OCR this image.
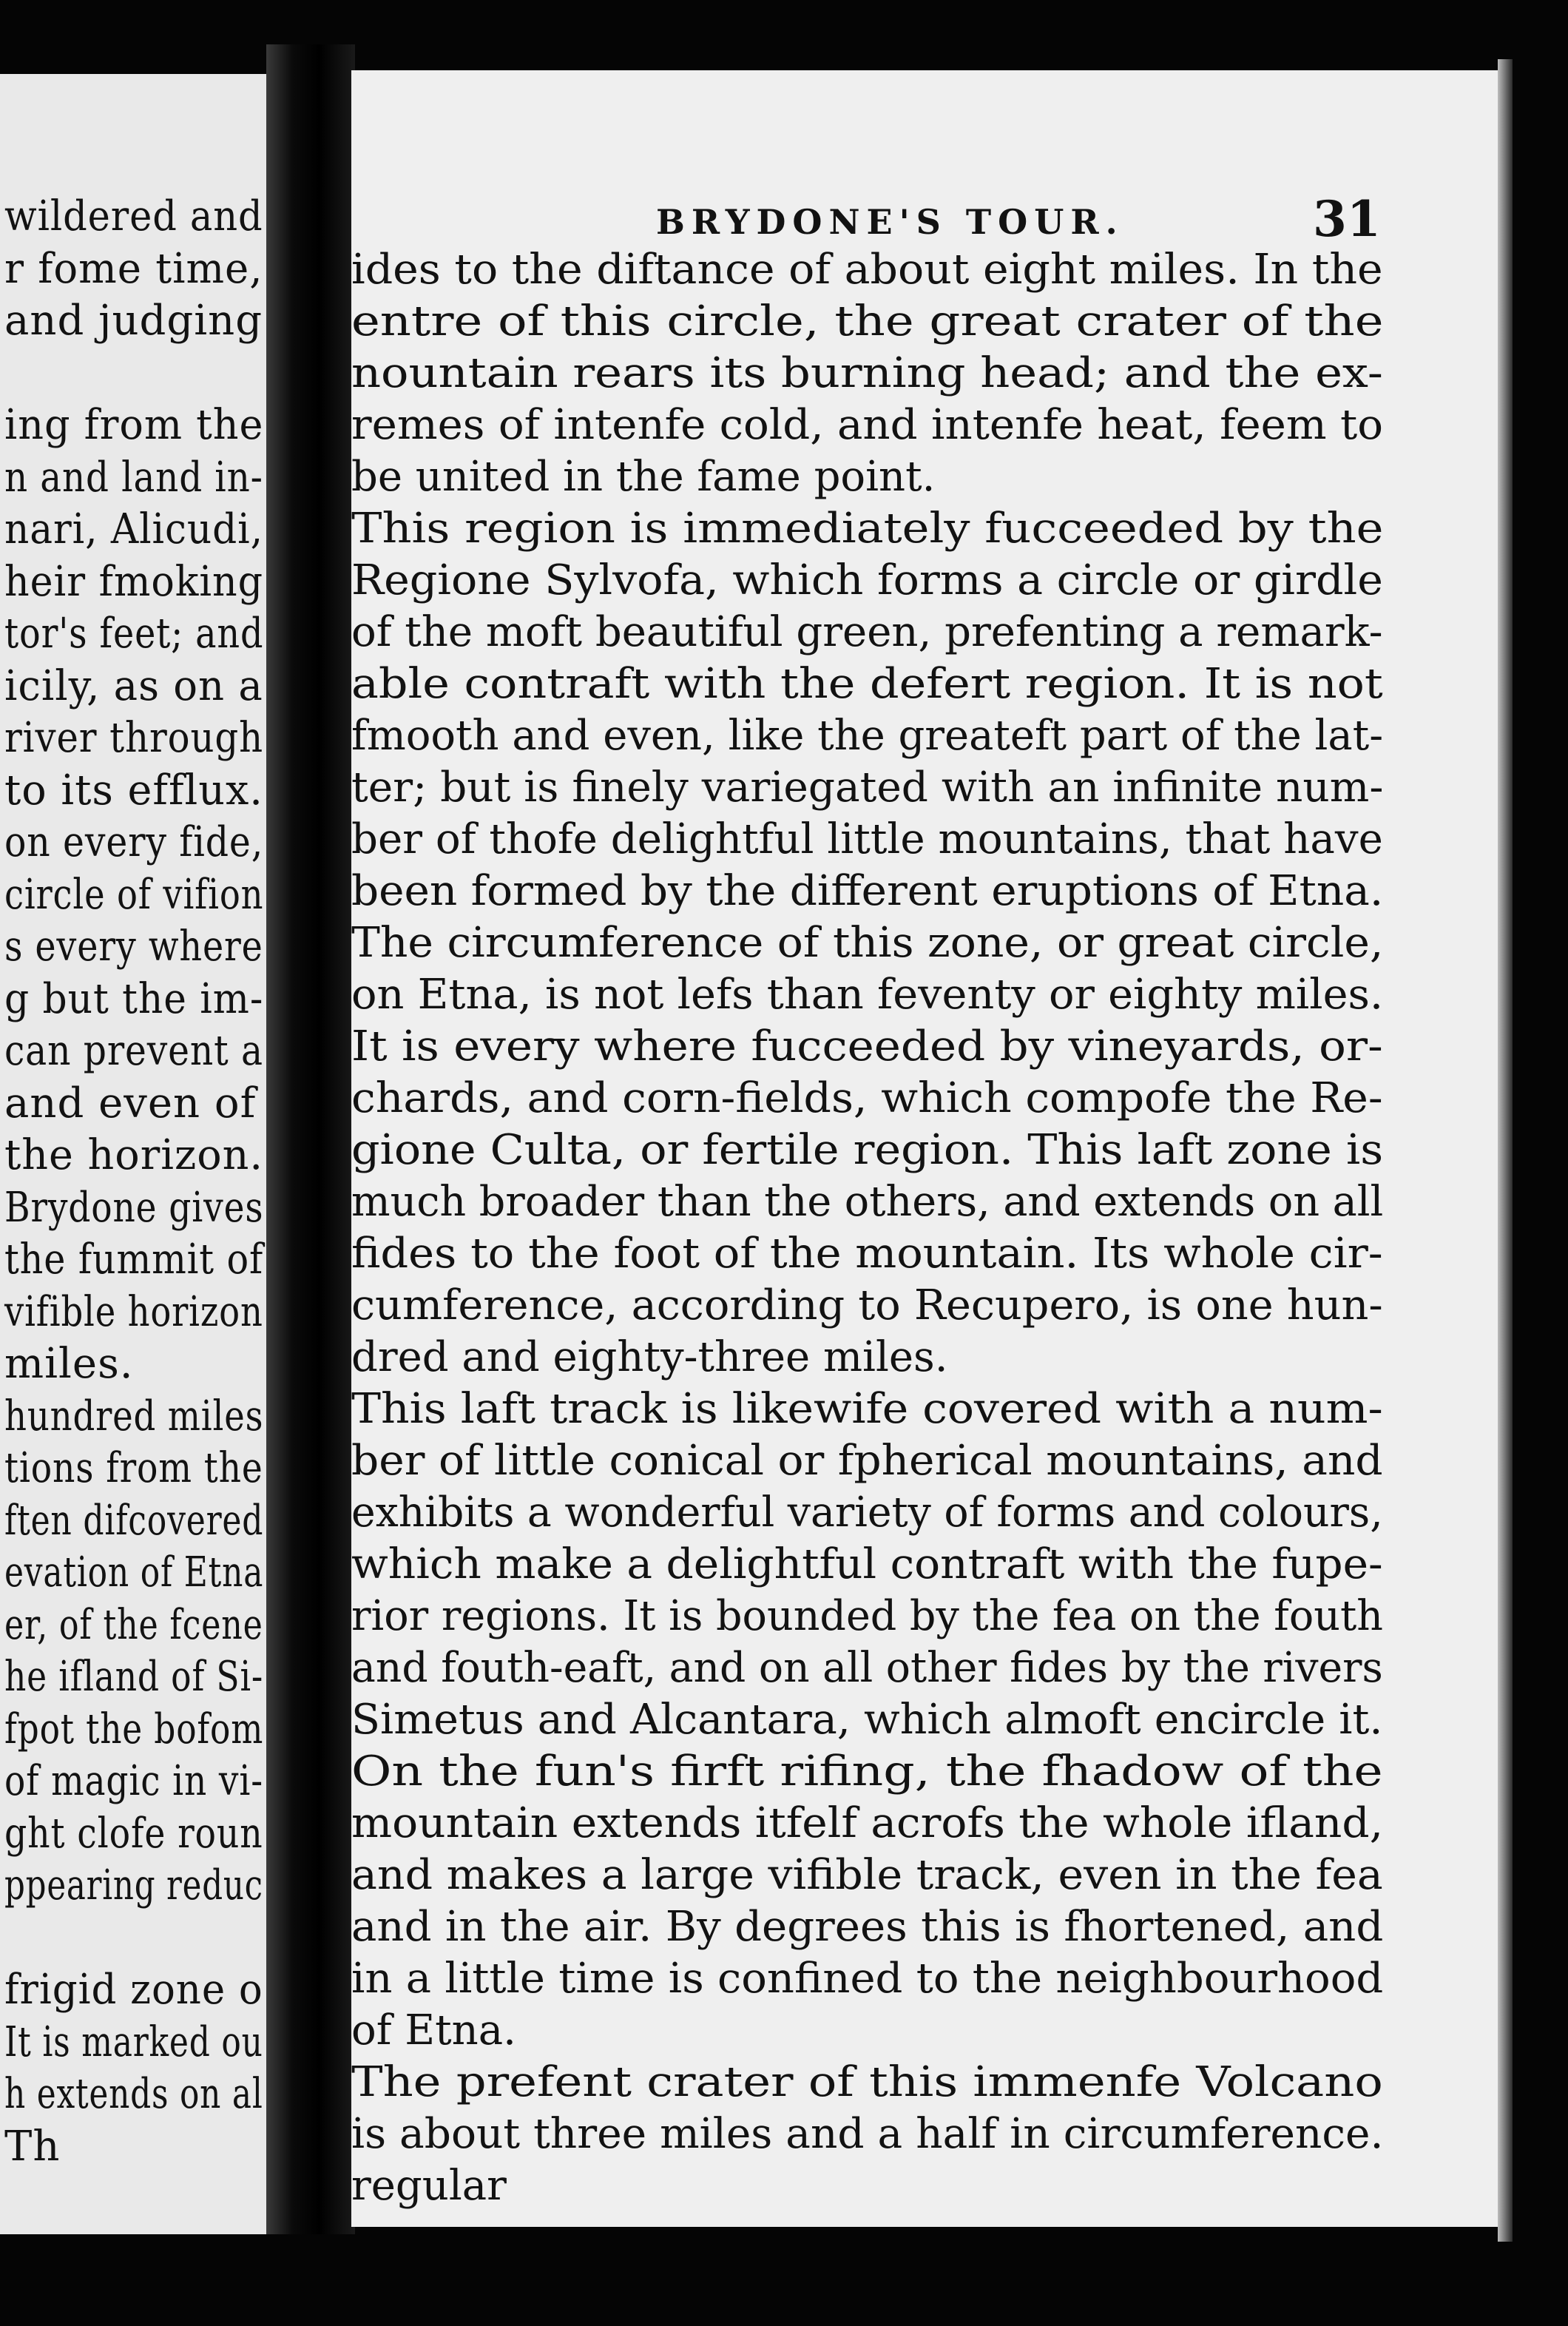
wildered and
r fome time,
and judging
ing from the
n and land in-
nari, Alicudi,
heir fmoking
tor's feet; and
icily, as on a
river through
to its efflux.
on every fide,
circle of vifion
s every where
g but the im-
can prevent a
and even of
the horizon.
Brydone gives
the fummit of
vifible horizon
miles.
hundred miles
tions from the
ften difcovered
evation of Etna
er, of the fcene
he ifland of Si-
fpot the bofom
of magic in vi-
ght clofe roun
ppearing reduc
frigid zone o
It is marked ou
h extends on al
Th
BRYDONE'S TOUR.	31
ides to the diftance of about eight miles. In the
entre of this circle, the great crater of the
nountain rears its burning head; and the ex-
remes of intenfe cold, and intenfe heat, feem to
be united in the fame point.
This region is immediately fucceeded by the
Regione Sylvofa, which forms a circle or girdle
of the moft beautiful green, prefenting a remark-
able contraft with the defert region. It is not
fmooth and even, like the greateft part of the lat-
ter; but is finely variegated with an infinite num-
ber of thofe delightful little mountains, that have
been formed by the different eruptions of Etna.
The circumference of this zone, or great circle,
on Etna, is not lefs than feventy or eighty miles.
It is every where fucceeded by vineyards, or-
chards, and corn-fields, which compofe the Re-
gione Culta, or fertile region. This laft zone is
much broader than the others, and extends on all
fides to the foot of the mountain. Its whole cir-
cumference, according to Recupero, is one hun-
dred and eighty-three miles.
This laft track is likewife covered with a num-
ber of little conical or fpherical mountains, and
exhibits a wonderful variety of forms and colours,
which make a delightful contraft with the fupe-
rior regions. It is bounded by the fea on the fouth
and fouth-eaft, and on all other fides by the rivers
Simetus and Alcantara, which almoft encircle it.
On the fun's firft rifing, the fhadow of the
mountain extends itfelf acrofs the whole ifland,
and makes a large vifible track, even in the fea
and in the air. By degrees this is fhortened, and
in a little time is confined to the neighbourhood
of Etna.
The prefent crater of this immenfe Volcano
is about three miles and a half in circumference.
regular
